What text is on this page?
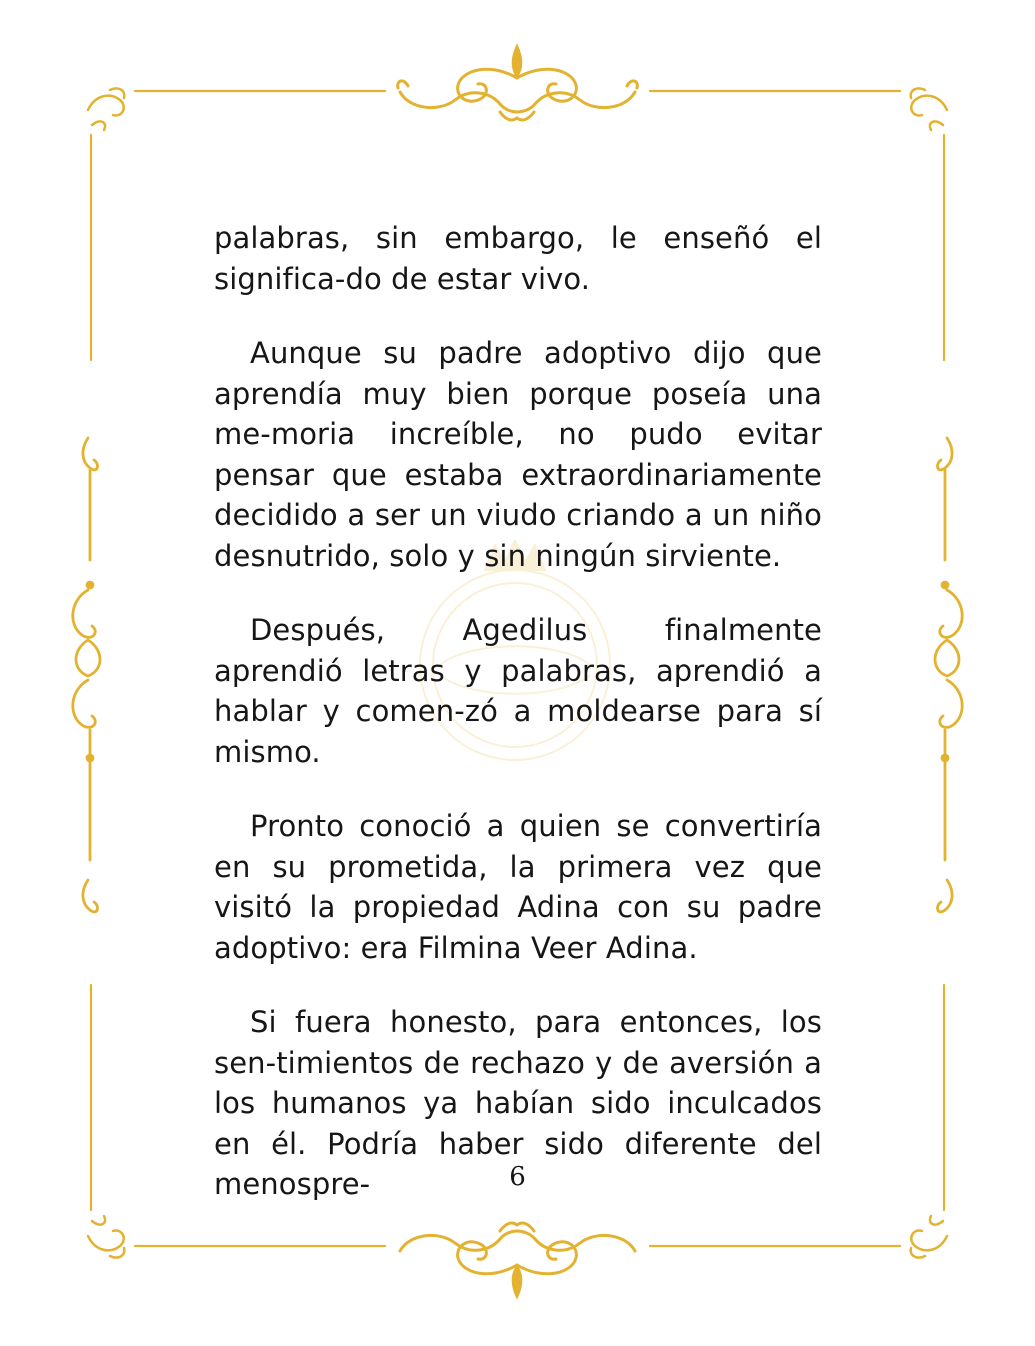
palabras, sin embargo, le enseñó el significa-do de estar vivo.

Aunque su padre adoptivo dijo que aprendía muy bien porque poseía una me-moria increíble, no pudo evitar pensar que estaba extraordinariamente decidido a ser un viudo criando a un niño desnutrido, solo y sin ningún sirviente.

Después, Agedilus finalmente aprendió letras y palabras, aprendió a hablar y comen-zó a moldearse para sí mismo.

Pronto conoció a quien se convertiría en su prometida, la primera vez que visitó la propiedad Adina con su padre adoptivo: era Filmina Veer Adina.

Si fuera honesto, para entonces, los sen-timientos de rechazo y de aversión a los humanos ya habían sido inculcados en él. Podría haber sido diferente del menospre-	6
